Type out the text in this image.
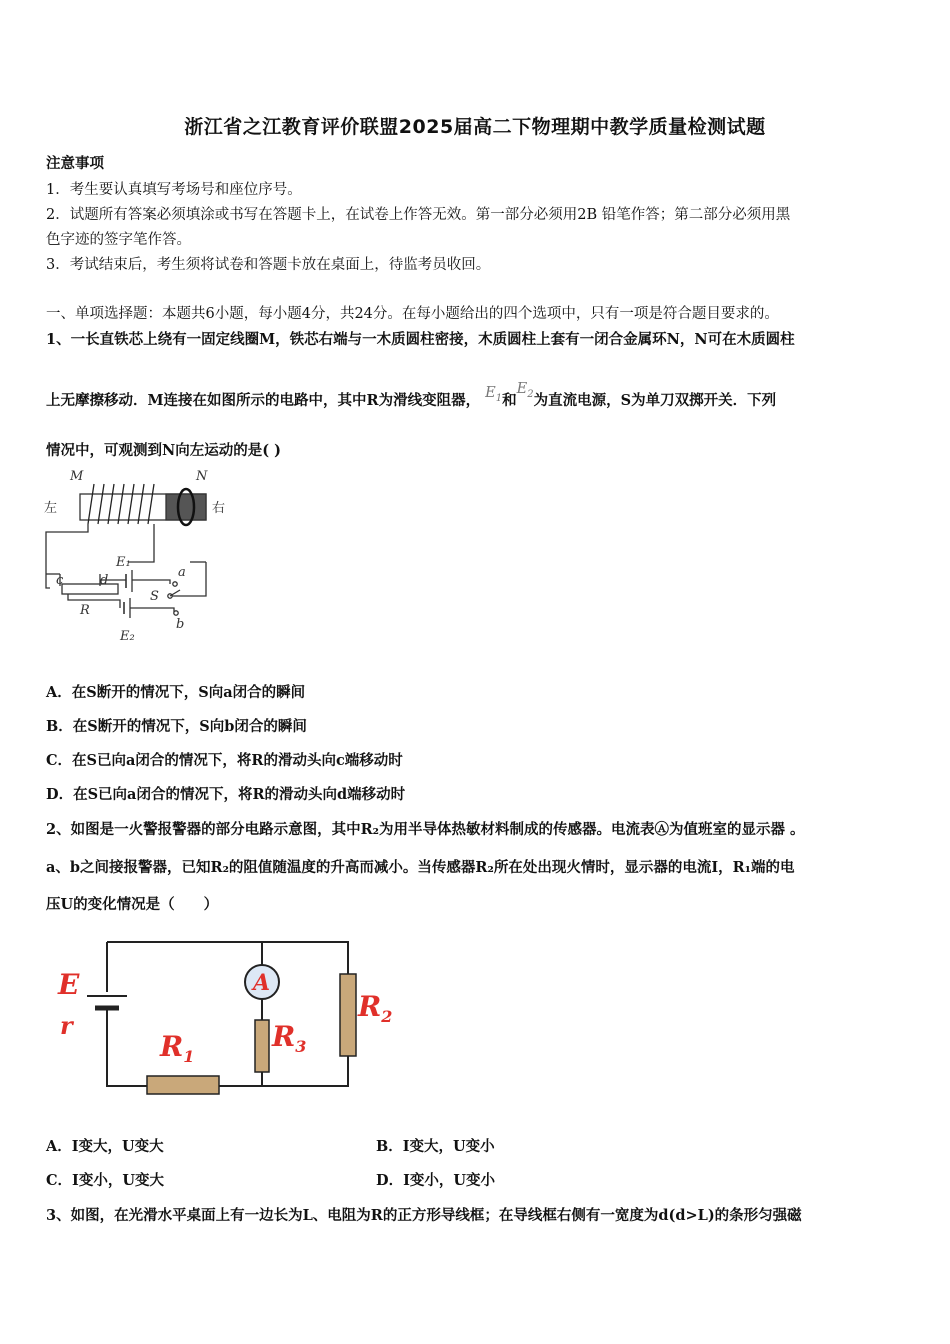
浙江省之江教育评价联盟2025届高二下物理期中教学质量检测试题
注意事项
1．考生要认真填写考场号和座位序号。
2．试题所有答案必须填涂或书写在答题卡上，在试卷上作答无效。第一部分必须用2B 铅笔作答；第二部分必须用黑
色字迹的签字笔作答。
3．考试结束后，考生须将试卷和答题卡放在桌面上，待监考员收回。
一、单项选择题：本题共6小题，每小题4分，共24分。在每小题给出的四个选项中，只有一项是符合题目要求的。
1、一长直铁芯上绕有一固定线圈M，铁芯右端与一木质圆柱密接，木质圆柱上套有一闭合金属环N，N可在木质圆柱
上无摩擦移动．M连接在如图所示的电路中，其中R为滑线变阻器， $E_1$和$E_2$为直流电源，S为单刀双掷开关．下列
情况中，可观测到N向左运动的是( )
M	N
左	右
E₁
a
S
c	d
R
b
E₂
A．在S断开的情况下，S向a闭合的瞬间
B．在S断开的情况下，S向b闭合的瞬间
C．在S已向a闭合的情况下，将R的滑动头向c端移动时
D．在S已向a闭合的情况下，将R的滑动头向d端移动时
2、如图是一火警报警器的部分电路示意图，其中R₂为用半导体热敏材料制成的传感器。电流表Ⓐ为值班室的显示器 。
a、b之间接报警器，已知R₂的阻值随温度的升高而减小。当传感器R₂所在处出现火情时，显示器的电流I，R₁端的电
压U的变化情况是（　　）
A
E
r
$R_1$
$R_3$
$R_2$
A．I变大，U变大	B．I变大，U变小
C．I变小，U变大	D．I变小，U变小
3、如图，在光滑水平桌面上有一边长为L、电阻为R的正方形导线框；在导线框右侧有一宽度为d(d>L)的条形匀强磁
